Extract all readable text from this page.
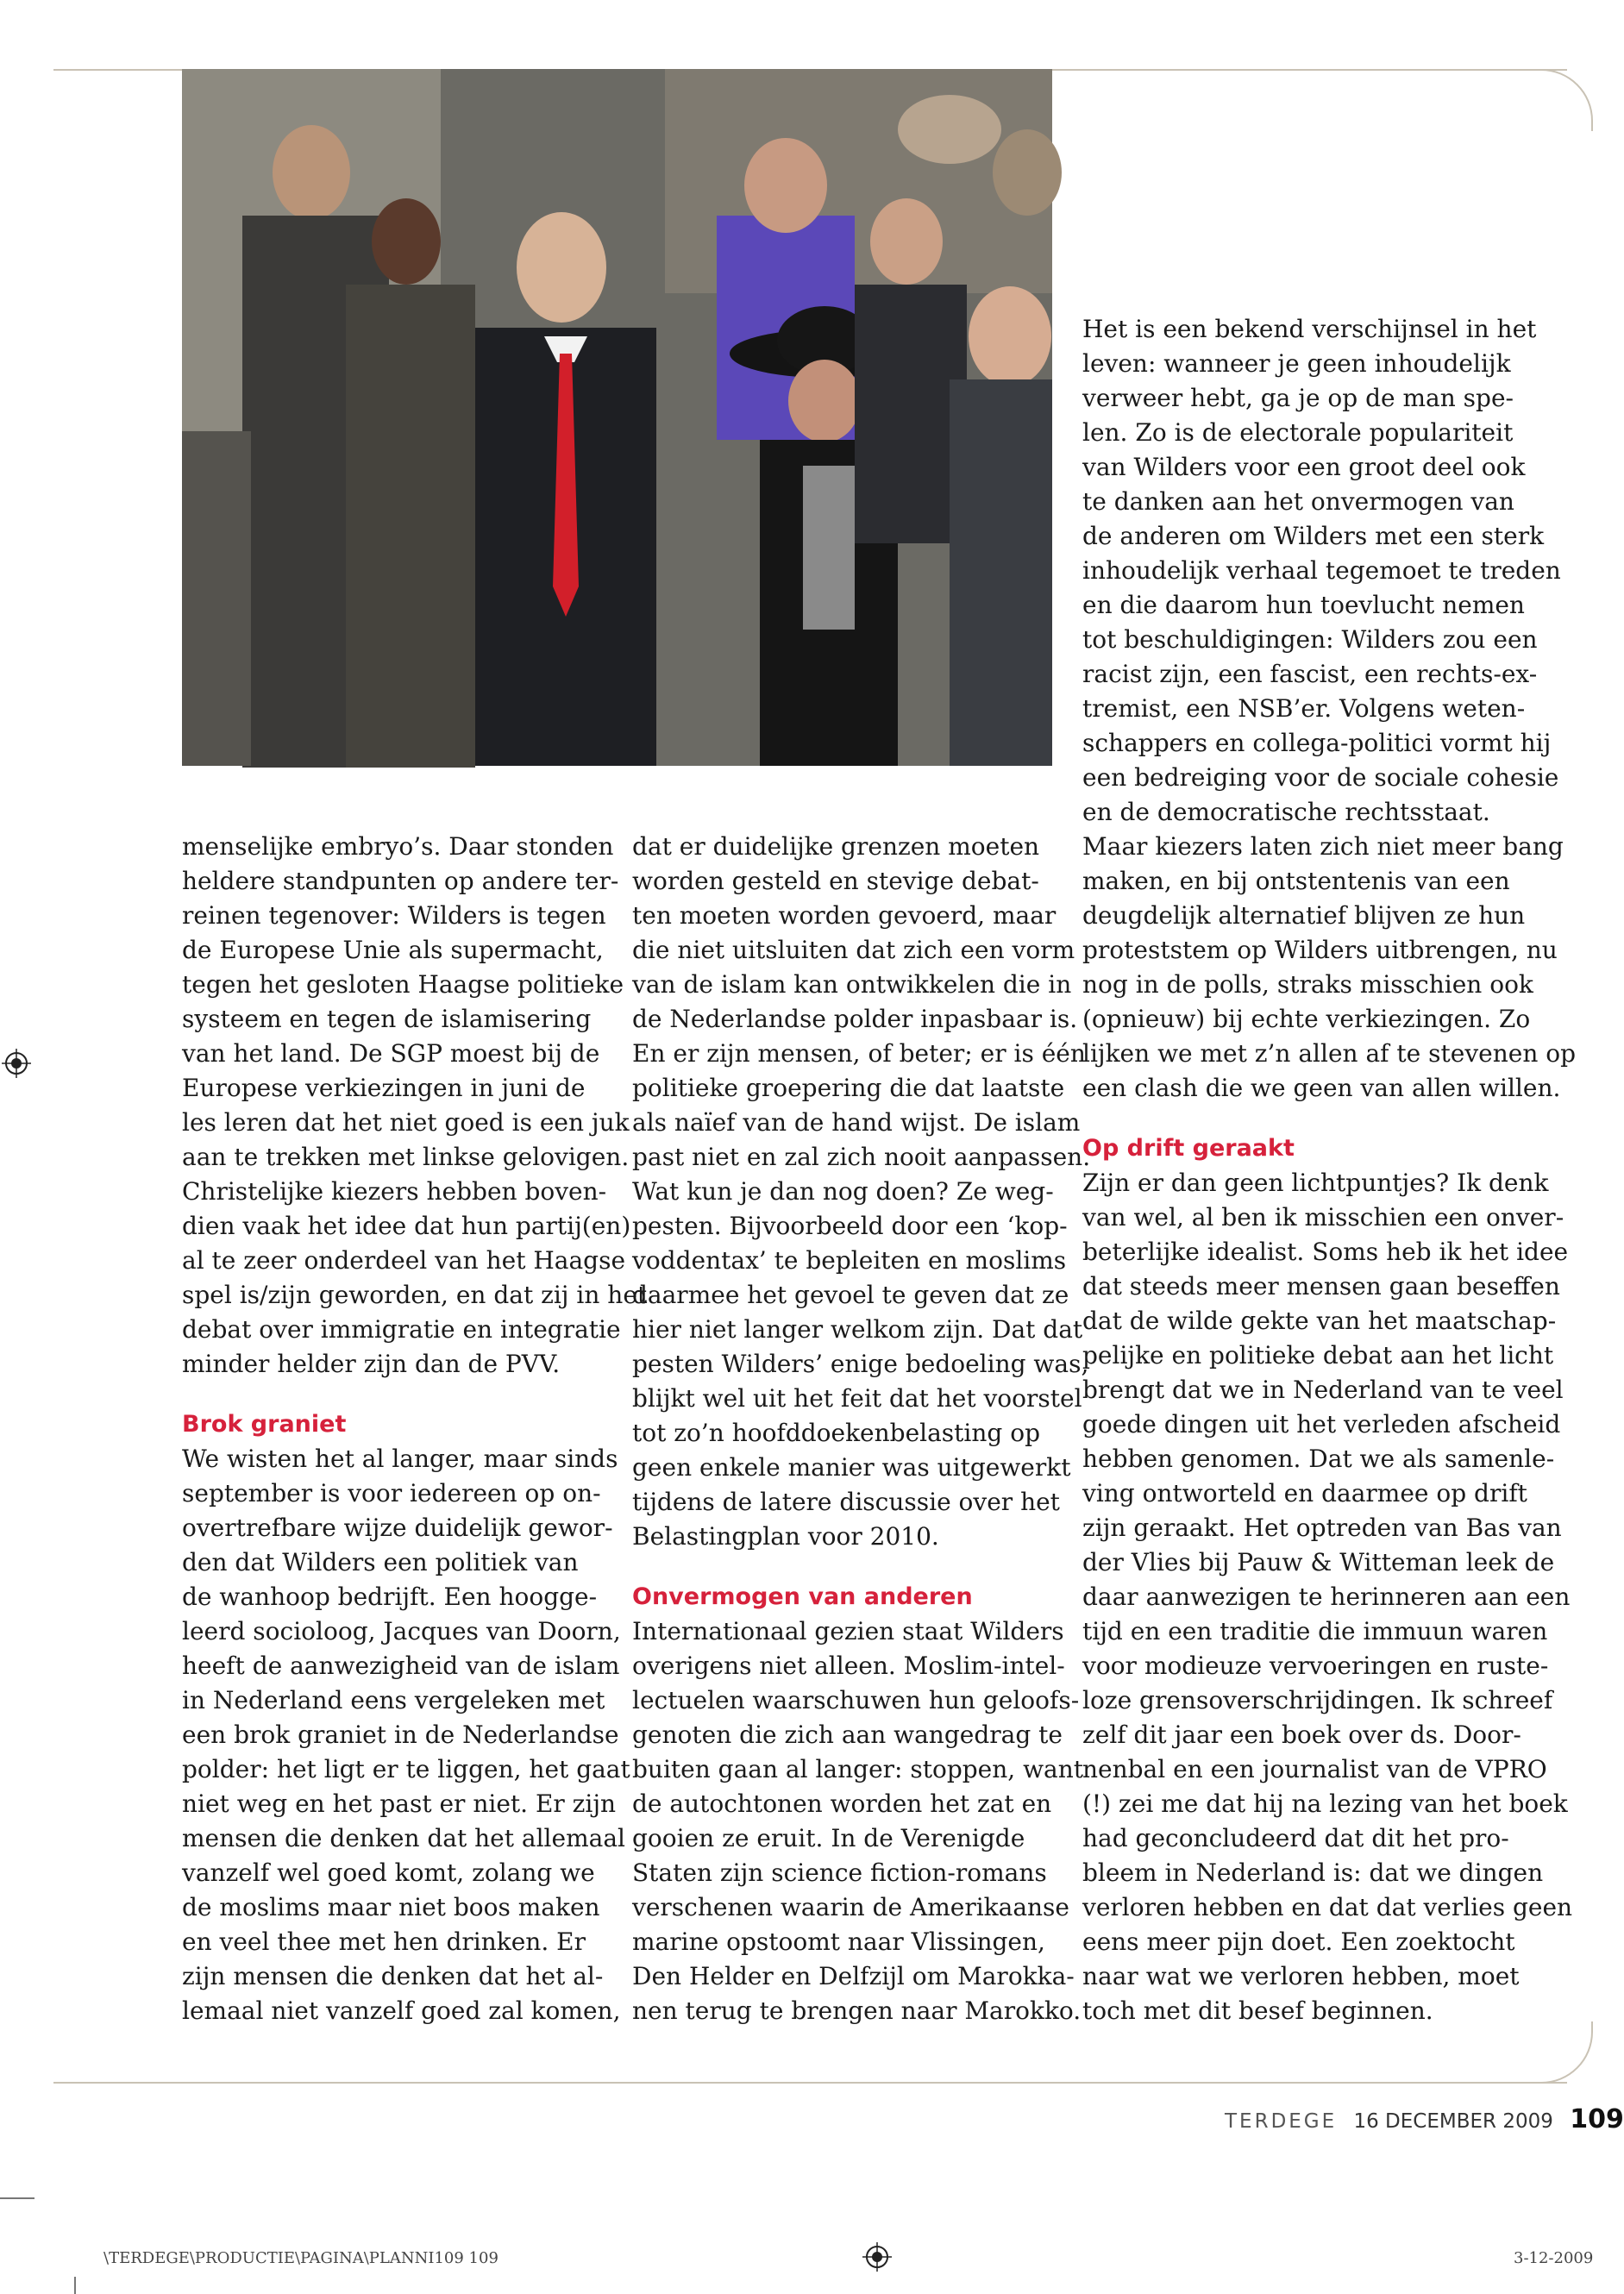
menselijke embryo’s. Daar stonden

heldere standpunten op andere ter-

reinen tegenover: Wilders is tegen

de Europese Unie als supermacht,

tegen het gesloten Haagse politieke

systeem en tegen de islamisering

van het land. De SGP moest bij de

Europese verkiezingen in juni de

les leren dat het niet goed is een juk

aan te trekken met linkse gelovigen.

Christelijke kiezers hebben boven-

dien vaak het idee dat hun partij(en)

al te zeer onderdeel van het Haagse

spel is/zijn geworden, en dat zij in het

debat over immigratie en integratie

minder helder zijn dan de PVV.

Brok graniet

We wisten het al langer, maar sinds

september is voor iedereen op on-

overtrefbare wijze duidelijk gewor-

den dat Wilders een politiek van

de wanhoop bedrijft. Een hoogge-

leerd socioloog, Jacques van Doorn,

heeft de aanwezigheid van de islam

in Nederland eens vergeleken met

een brok graniet in de Nederlandse

polder: het ligt er te liggen, het gaat

niet weg en het past er niet. Er zijn

mensen die denken dat het allemaal

vanzelf wel goed komt, zolang we

de moslims maar niet boos maken

en veel thee met hen drinken. Er

zijn mensen die denken dat het al-

lemaal niet vanzelf goed zal komen,

dat er duidelijke grenzen moeten

worden gesteld en stevige debat-

ten moeten worden gevoerd, maar

die niet uitsluiten dat zich een vorm

van de islam kan ontwikkelen die in

de Nederlandse polder inpasbaar is.

En er zijn mensen, of beter; er is één

politieke groepering die dat laatste

als naïef van de hand wijst. De islam

past niet en zal zich nooit aanpassen.

Wat kun je dan nog doen? Ze weg-

pesten. Bijvoorbeeld door een ‘kop-

voddentax’ te bepleiten en moslims

daarmee het gevoel te geven dat ze

hier niet langer welkom zijn. Dat dat

pesten Wilders’ enige bedoeling was,

blijkt wel uit het feit dat het voorstel

tot zo’n hoofddoekenbelasting op

geen enkele manier was uitgewerkt

tijdens de latere discussie over het

Belastingplan voor 2010.

Onvermogen van anderen

Internationaal gezien staat Wilders

overigens niet alleen. Moslim-intel-

lectuelen waarschuwen hun geloofs-

genoten die zich aan wangedrag te

buiten gaan al langer: stoppen, want

de autochtonen worden het zat en

gooien ze eruit. In de Verenigde

Staten zijn science fiction-romans

verschenen waarin de Amerikaanse

marine opstoomt naar Vlissingen,

Den Helder en Delfzijl om Marokka-

nen terug te brengen naar Marokko.

Het is een bekend verschijnsel in het

leven: wanneer je geen inhoudelijk

verweer hebt, ga je op de man spe-

len. Zo is de electorale populariteit

van Wilders voor een groot deel ook

te danken aan het onvermogen van

de anderen om Wilders met een sterk

inhoudelijk verhaal tegemoet te treden

en die daarom hun toevlucht nemen

tot beschuldigingen: Wilders zou een

racist zijn, een fascist, een rechts-ex-

tremist, een NSB’er. Volgens weten-

schappers en collega-politici vormt hij

een bedreiging voor de sociale cohesie

en de democratische rechtsstaat.

Maar kiezers laten zich niet meer bang

maken, en bij ontstentenis van een

deugdelijk alternatief blijven ze hun

proteststem op Wilders uitbrengen, nu

nog in de polls, straks misschien ook

(opnieuw) bij echte verkiezingen. Zo

lijken we met z’n allen af te stevenen op

een clash die we geen van allen willen.

Op drift geraakt

Zijn er dan geen lichtpuntjes? Ik denk

van wel, al ben ik misschien een onver-

beterlijke idealist. Soms heb ik het idee

dat steeds meer mensen gaan beseffen

dat de wilde gekte van het maatschap-

pelijke en politieke debat aan het licht

brengt dat we in Nederland van te veel

goede dingen uit het verleden afscheid

hebben genomen. Dat we als samenle-

ving ontworteld en daarmee op drift

zijn geraakt. Het optreden van Bas van

der Vlies bij Pauw & Witteman leek de

daar aanwezigen te herinneren aan een

tijd en een traditie die immuun waren

voor modieuze vervoeringen en ruste-

loze grensoverschrijdingen. Ik schreef

zelf dit jaar een boek over ds. Door-

nenbal en een journalist van de VPRO

(!) zei me dat hij na lezing van het boek

had geconcludeerd dat dit het pro-

bleem in Nederland is: dat we dingen

verloren hebben en dat dat verlies geen

eens meer pijn doet. Een zoektocht

naar wat we verloren hebben, moet

toch met dit besef beginnen.

TERDEGE 16 DECEMBER 2009 109
\TERDEGE\PRODUCTIE\PAGINA\PLANNI109 109	3-12-2009
